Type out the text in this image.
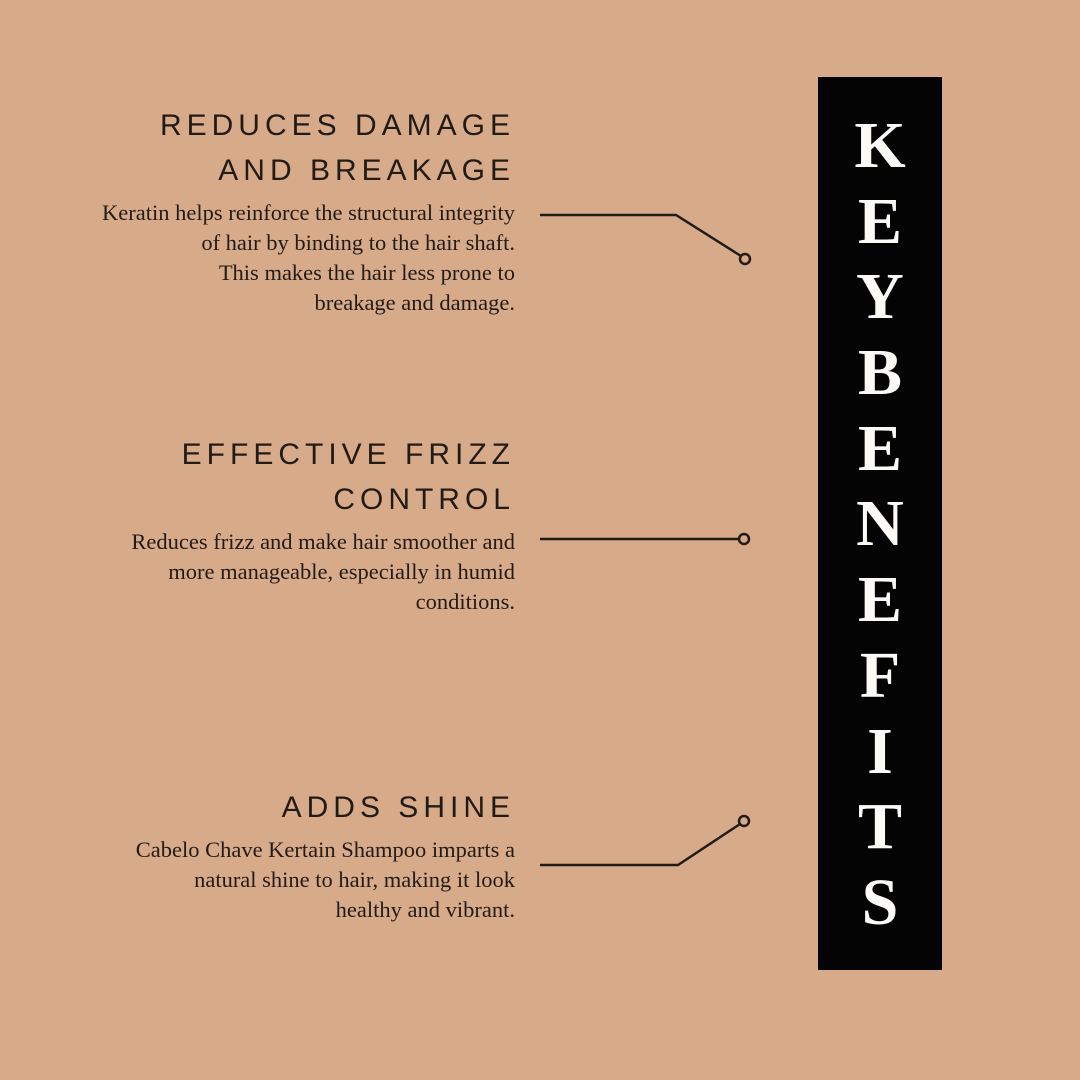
REDUCES DAMAGE
AND BREAKAGE
Keratin helps reinforce the structural integrity
of hair by binding to the hair shaft.
This makes the hair less prone to
breakage and damage.
EFFECTIVE FRIZZ
CONTROL
Reduces frizz and make hair smoother and
more manageable, especially in humid
conditions.
ADDS SHINE
Cabelo Chave Kertain Shampoo imparts a
natural shine to hair, making it look
healthy and vibrant.
K
E
Y
B
E
N
E
F
I
T
S
